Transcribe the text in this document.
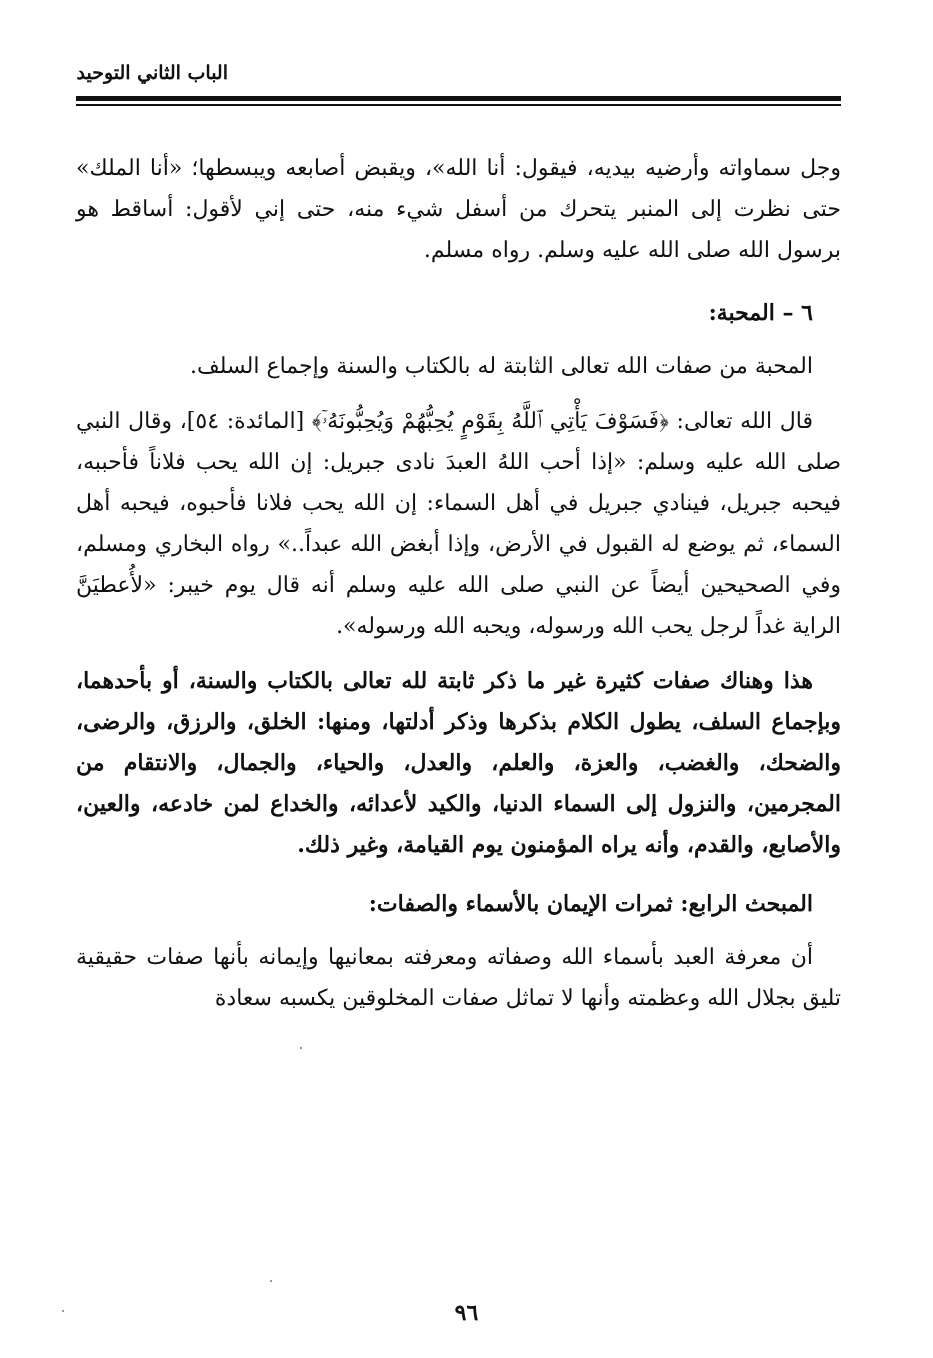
الباب الثاني التوحيد

وجل سماواته وأرضيه بيديه، فيقول: أنا الله»، ويقبض أصابعه ويبسطها؛ «أنا الملك» حتى نظرت إلى المنبر يتحرك من أسفل شيء منه، حتى إني لأقول: أساقط هو برسول الله صلى الله عليه وسلم. رواه مسلم.

٦ – المحبة:

المحبة من صفات الله تعالى الثابتة له بالكتاب والسنة وإجماع السلف.

قال الله تعالى: ﴿فَسَوْفَ يَأْتِي ٱللَّهُ بِقَوْمٍ يُحِبُّهُمْ وَيُحِبُّونَهُۥٓ﴾ [المائدة: ٥٤]، وقال النبي صلى الله عليه وسلم: «إذا أحب اللهُ العبدَ نادى جبريل: إن الله يحب فلاناً فأحببه، فيحبه جبريل، فينادي جبريل في أهل السماء: إن الله يحب فلانا فأحبوه، فيحبه أهل السماء، ثم يوضع له القبول في الأرض، وإذا أبغض الله عبداً..» رواه البخاري ومسلم، وفي الصحيحين أيضاً عن النبي صلى الله عليه وسلم أنه قال يوم خيبر: «لأُعطيَنَّ الراية غداً لرجل يحب الله ورسوله، ويحبه الله ورسوله».

هذا وهناك صفات كثيرة غير ما ذكر ثابتة لله تعالى بالكتاب والسنة، أو بأحدهما، وبإجماع السلف، يطول الكلام بذكرها وذكر أدلتها، ومنها: الخلق، والرزق، والرضى، والضحك، والغضب، والعزة، والعلم، والعدل، والحياء، والجمال، والانتقام من المجرمين، والنزول إلى السماء الدنيا، والكيد لأعدائه، والخداع لمن خادعه، والعين، والأصابع، والقدم، وأنه يراه المؤمنون يوم القيامة، وغير ذلك.

المبحث الرابع: ثمرات الإيمان بالأسماء والصفات:

أن معرفة العبد بأسماء الله وصفاته ومعرفته بمعانيها وإيمانه بأنها صفات حقيقية تليق بجلال الله وعظمته وأنها لا تماثل صفات المخلوقين يكسبه سعادة

٩٦
